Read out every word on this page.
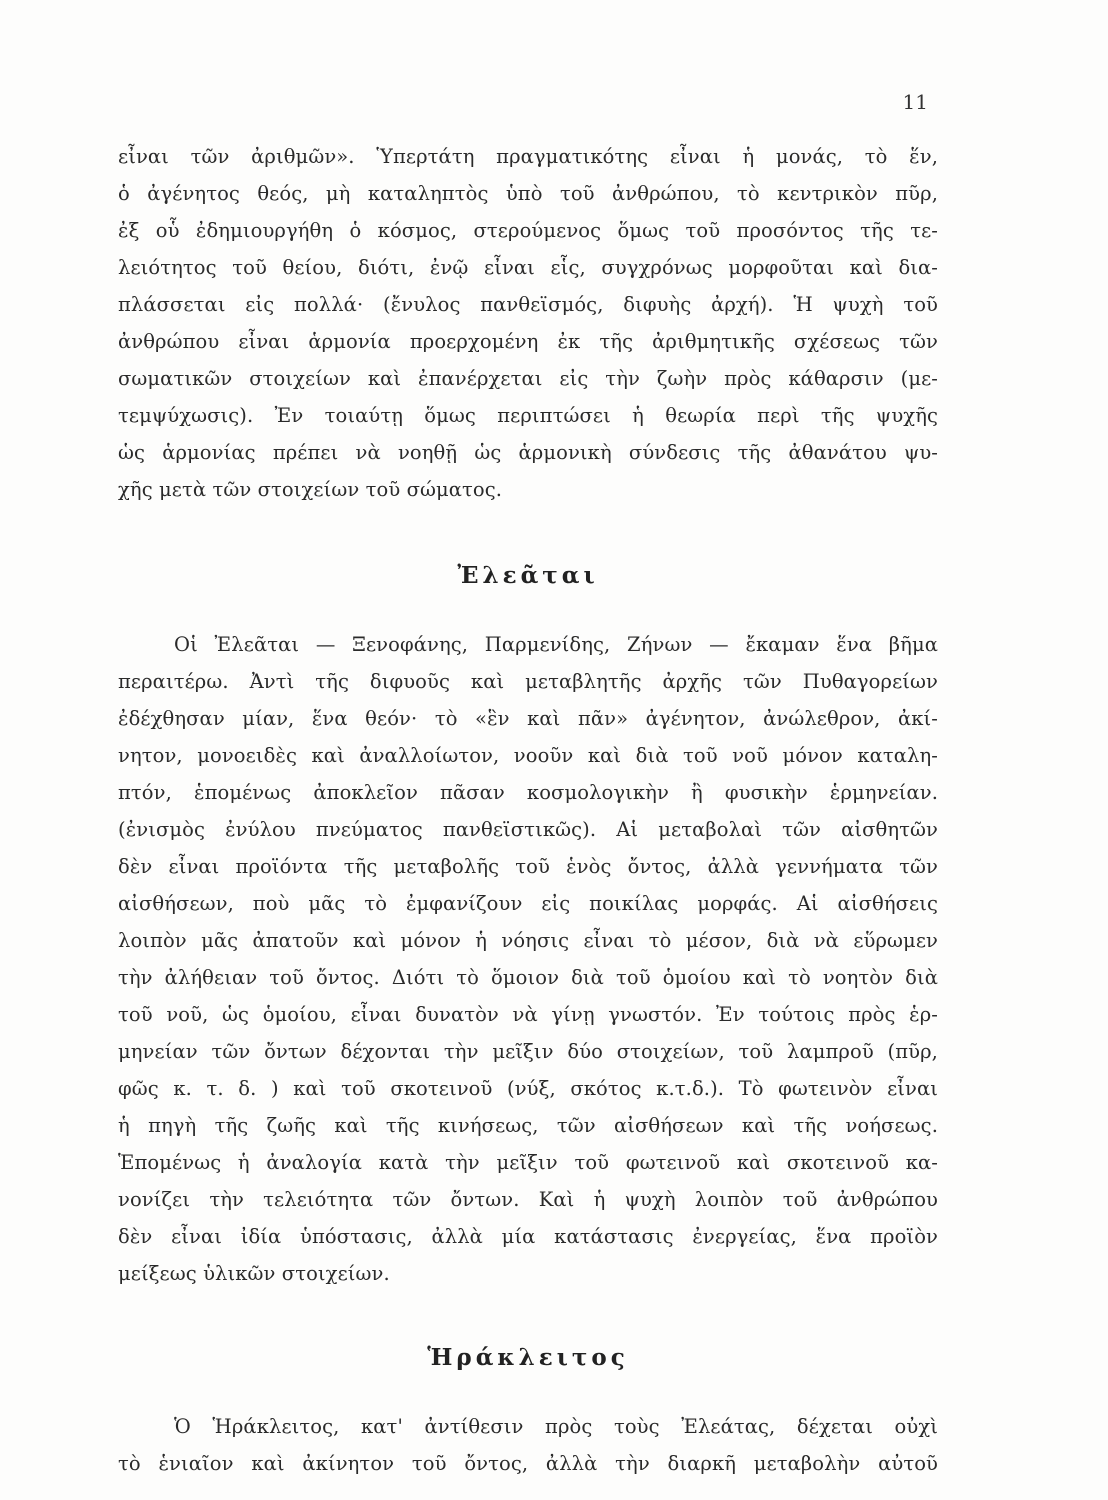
11
εἶναι τῶν ἀριθμῶν». Ὑπερτάτη πραγματικότης εἶναι ἡ μονάς, τὸ ἕν,
ὁ ἀγένητος θεός, μὴ καταληπτὸς ὑπὸ τοῦ ἀνθρώπου, τὸ κεντρικὸν πῦρ,
ἐξ οὗ ἐδημιουργήθη ὁ κόσμος, στερούμενος ὅμως τοῦ προσόντος τῆς τε-
λειότητος τοῦ θείου, διότι, ἐνῷ εἶναι εἷς, συγχρόνως μορφοῦται καὶ δια-
πλάσσεται εἰς πολλά· (ἔνυλος πανθεϊσμός, διφυὴς ἀρχή). Ἡ ψυχὴ τοῦ
ἀνθρώπου εἶναι ἁρμονία προερχομένη ἐκ τῆς ἀριθμητικῆς σχέσεως τῶν
σωματικῶν στοιχείων καὶ ἐπανέρχεται εἰς τὴν ζωὴν πρὸς κάθαρσιν (με-
τεμψύχωσις). Ἐν τοιαύτῃ ὅμως περιπτώσει ἡ θεωρία περὶ τῆς ψυχῆς
ὡς ἁρμονίας πρέπει νὰ νοηθῇ ὡς ἁρμονικὴ σύνδεσις τῆς ἀθανάτου ψυ-
χῆς μετὰ τῶν στοιχείων τοῦ σώματος.
Ἐλεᾶται
Οἱ Ἐλεᾶται — Ξενοφάνης, Παρμενίδης, Ζήνων — ἔκαμαν ἕνα βῆμα
περαιτέρω. Ἀντὶ τῆς διφυοῦς καὶ μεταβλητῆς ἀρχῆς τῶν Πυθαγορείων
ἐδέχθησαν μίαν, ἕνα θεόν· τὸ «ἓν καὶ πᾶν» ἀγένητον, ἀνώλεθρον, ἀκί-
νητον, μονοειδὲς καὶ ἀναλλοίωτον, νοοῦν καὶ διὰ τοῦ νοῦ μόνον καταλη-
πτόν, ἑπομένως ἀποκλεῖον πᾶσαν κοσμολογικὴν ἢ φυσικὴν ἑρμηνείαν.
(ἐνισμὸς ἐνύλου πνεύματος πανθεϊστικῶς). Αἱ μεταβολαὶ τῶν αἰσθητῶν
δὲν εἶναι προϊόντα τῆς μεταβολῆς τοῦ ἑνὸς ὄντος, ἀλλὰ γεννήματα τῶν
αἰσθήσεων, ποὺ μᾶς τὸ ἐμφανίζουν εἰς ποικίλας μορφάς. Αἱ αἰσθήσεις
λοιπὸν μᾶς ἀπατοῦν καὶ μόνον ἡ νόησις εἶναι τὸ μέσον, διὰ νὰ εὕρωμεν
τὴν ἀλήθειαν τοῦ ὄντος. Διότι τὸ ὅμοιον διὰ τοῦ ὁμοίου καὶ τὸ νοητὸν διὰ
τοῦ νοῦ, ὡς ὁμοίου, εἶναι δυνατὸν νὰ γίνῃ γνωστόν. Ἐν τούτοις πρὸς ἑρ-
μηνείαν τῶν ὄντων δέχονται τὴν μεῖξιν δύο στοιχείων, τοῦ λαμπροῦ (πῦρ,
φῶς κ. τ. δ. ) καὶ τοῦ σκοτεινοῦ (νύξ, σκότος κ.τ.δ.). Τὸ φωτεινὸν εἶναι
ἡ πηγὴ τῆς ζωῆς καὶ τῆς κινήσεως, τῶν αἰσθήσεων καὶ τῆς νοήσεως.
Ἑπομένως ἡ ἀναλογία κατὰ τὴν μεῖξιν τοῦ φωτεινοῦ καὶ σκοτεινοῦ κα-
νονίζει τὴν τελειότητα τῶν ὄντων. Καὶ ἡ ψυχὴ λοιπὸν τοῦ ἀνθρώπου
δὲν εἶναι ἰδία ὑπόστασις, ἀλλὰ μία κατάστασις ἐνεργείας, ἕνα προϊὸν
μείξεως ὑλικῶν στοιχείων.
Ἡράκλειτος
Ὁ Ἡράκλειτος, κατ' ἀντίθεσιν πρὸς τοὺς Ἐλεάτας, δέχεται οὐχὶ
τὸ ἑνιαῖον καὶ ἀκίνητον τοῦ ὄντος, ἀλλὰ τὴν διαρκῆ μεταβολὴν αὐτοῦ
